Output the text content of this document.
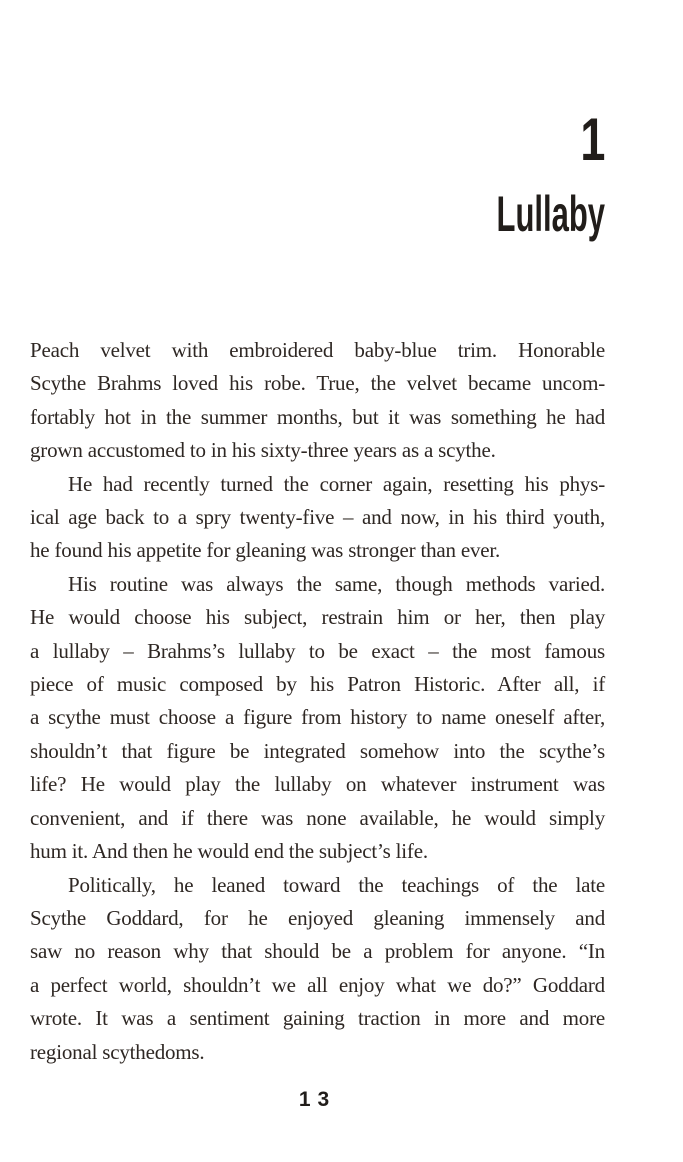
1
Lullaby
Peach velvet with embroidered baby-blue trim. Honorable
Scythe Brahms loved his robe. True, the velvet became uncom-
fortably hot in the summer months, but it was something he had
grown accustomed to in his sixty-three years as a scythe.
He had recently turned the corner again, resetting his phys-
ical age back to a spry twenty-five – and now, in his third youth,
he found his appetite for gleaning was stronger than ever.
His routine was always the same, though methods varied.
He would choose his subject, restrain him or her, then play
a lullaby – Brahms’s lullaby to be exact – the most famous
piece of music composed by his Patron Historic. After all, if
a scythe must choose a figure from history to name oneself after,
shouldn’t that figure be integrated somehow into the scythe’s
life? He would play the lullaby on whatever instrument was
convenient, and if there was none available, he would simply
hum it. And then he would end the subject’s life.
Politically, he leaned toward the teachings of the late
Scythe Goddard, for he enjoyed gleaning immensely and
saw no reason why that should be a problem for anyone. “In
a perfect world, shouldn’t we all enjoy what we do?” Goddard
wrote. It was a sentiment gaining traction in more and more
regional scythedoms.
13
